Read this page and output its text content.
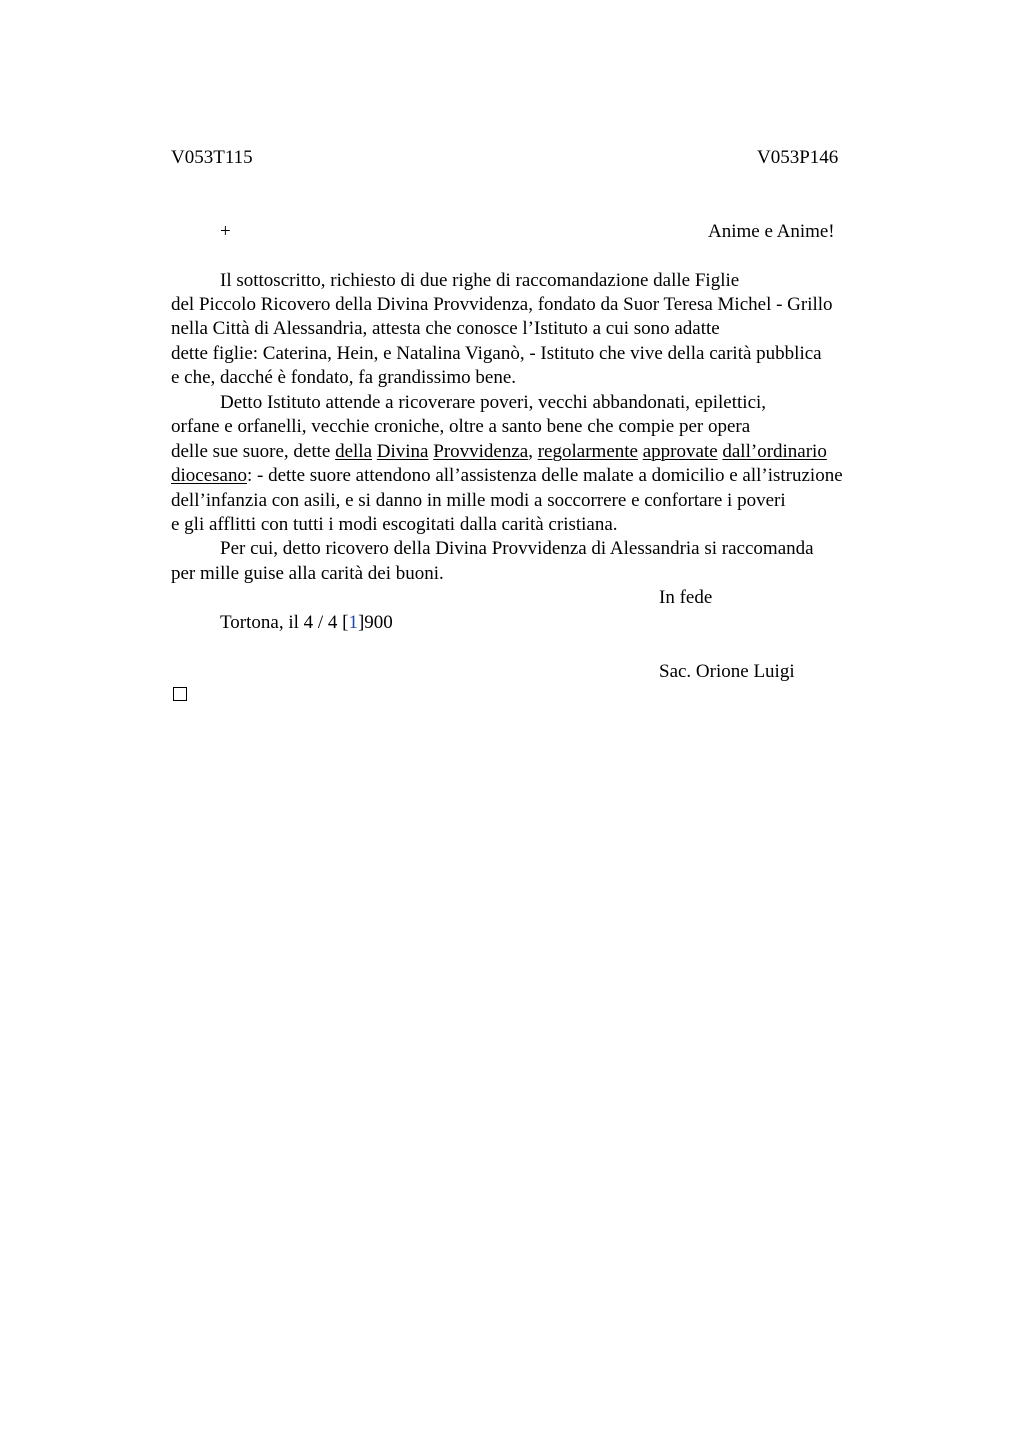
V053T115	V053P146
+	Anime e Anime!
Il sottoscritto, richiesto di due righe di raccomandazione dalle Figlie
del Piccolo Ricovero della Divina Provvidenza, fondato da Suor Teresa Michel - Grillo
nella Città di Alessandria, attesta che conosce l’Istituto a cui sono adatte
dette figlie: Caterina, Hein, e Natalina Viganò, - Istituto che vive della carità pubblica
e che, dacché è fondato, fa grandissimo bene.
Detto Istituto attende a ricoverare poveri, vecchi abbandonati, epilettici,
orfane e orfanelli, vecchie croniche, oltre a santo bene che compie per opera
delle sue suore, dette della Divina Provvidenza, regolarmente approvate dall’ordinario
diocesano: - dette suore attendono all’assistenza delle malate a domicilio e all’istruzione
dell’infanzia con asili, e si danno in mille modi a soccorrere e confortare i poveri
e gli afflitti con tutti i modi escogitati dalla carità cristiana.
Per cui, detto ricovero della Divina Provvidenza di Alessandria si raccomanda
per mille guise alla carità dei buoni.
In fede
Tortona, il 4 / 4 [1]900
Sac. Orione Luigi
